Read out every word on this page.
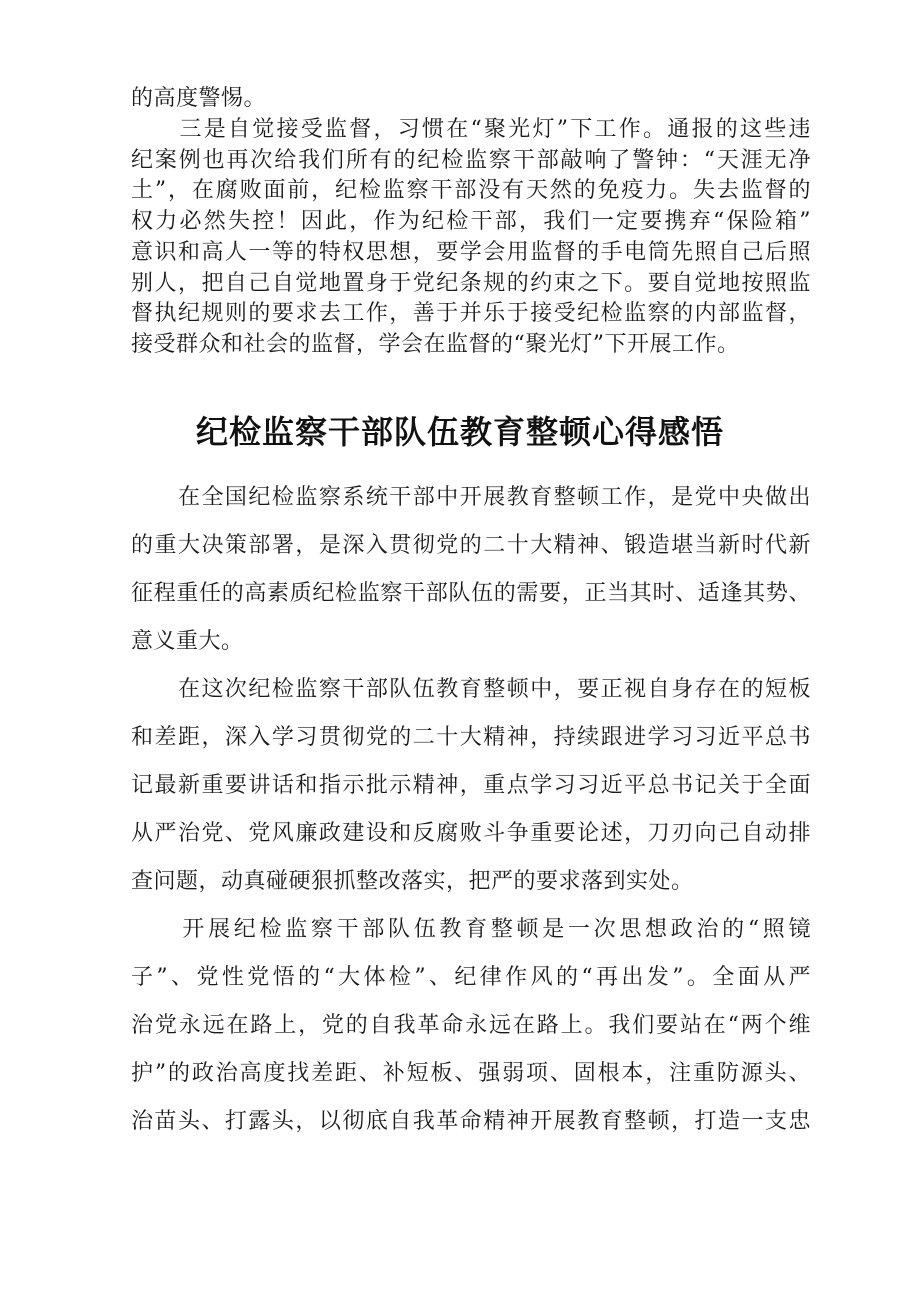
的高度警惕。
　　三是自觉接受监督，习惯在“聚光灯”下工作。通报的这些违
纪案例也再次给我们所有的纪检监察干部敲响了警钟：“天涯无净
土”，在腐败面前，纪检监察干部没有天然的免疫力。失去监督的
权力必然失控！因此，作为纪检干部，我们一定要携弃“保险箱”
意识和高人一等的特权思想，要学会用监督的手电筒先照自己后照
别人，把自己自觉地置身于党纪条规的约束之下。要自觉地按照监
督执纪规则的要求去工作，善于并乐于接受纪检监察的内部监督，
接受群众和社会的监督，学会在监督的“聚光灯”下开展工作。
纪检监察干部队伍教育整顿心得感悟
　　在全国纪检监察系统干部中开展教育整顿工作，是党中央做出
的重大决策部署，是深入贯彻党的二十大精神、锻造堪当新时代新
征程重任的高素质纪检监察干部队伍的需要，正当其时、适逢其势、
意义重大。
　　在这次纪检监察干部队伍教育整顿中，要正视自身存在的短板
和差距，深入学习贯彻党的二十大精神，持续跟进学习习近平总书
记最新重要讲话和指示批示精神，重点学习习近平总书记关于全面
从严治党、党风廉政建设和反腐败斗争重要论述，刀刃向己自动排
查问题，动真碰硬狠抓整改落实，把严的要求落到实处。
　　开展纪检监察干部队伍教育整顿是一次思想政治的“照镜
子”、党性党悟的“大体检”、纪律作风的“再出发”。全面从严
治党永远在路上，党的自我革命永远在路上。我们要站在“两个维
护”的政治高度找差距、补短板、强弱项、固根本，注重防源头、
治苗头、打露头，以彻底自我革命精神开展教育整顿，打造一支忠
